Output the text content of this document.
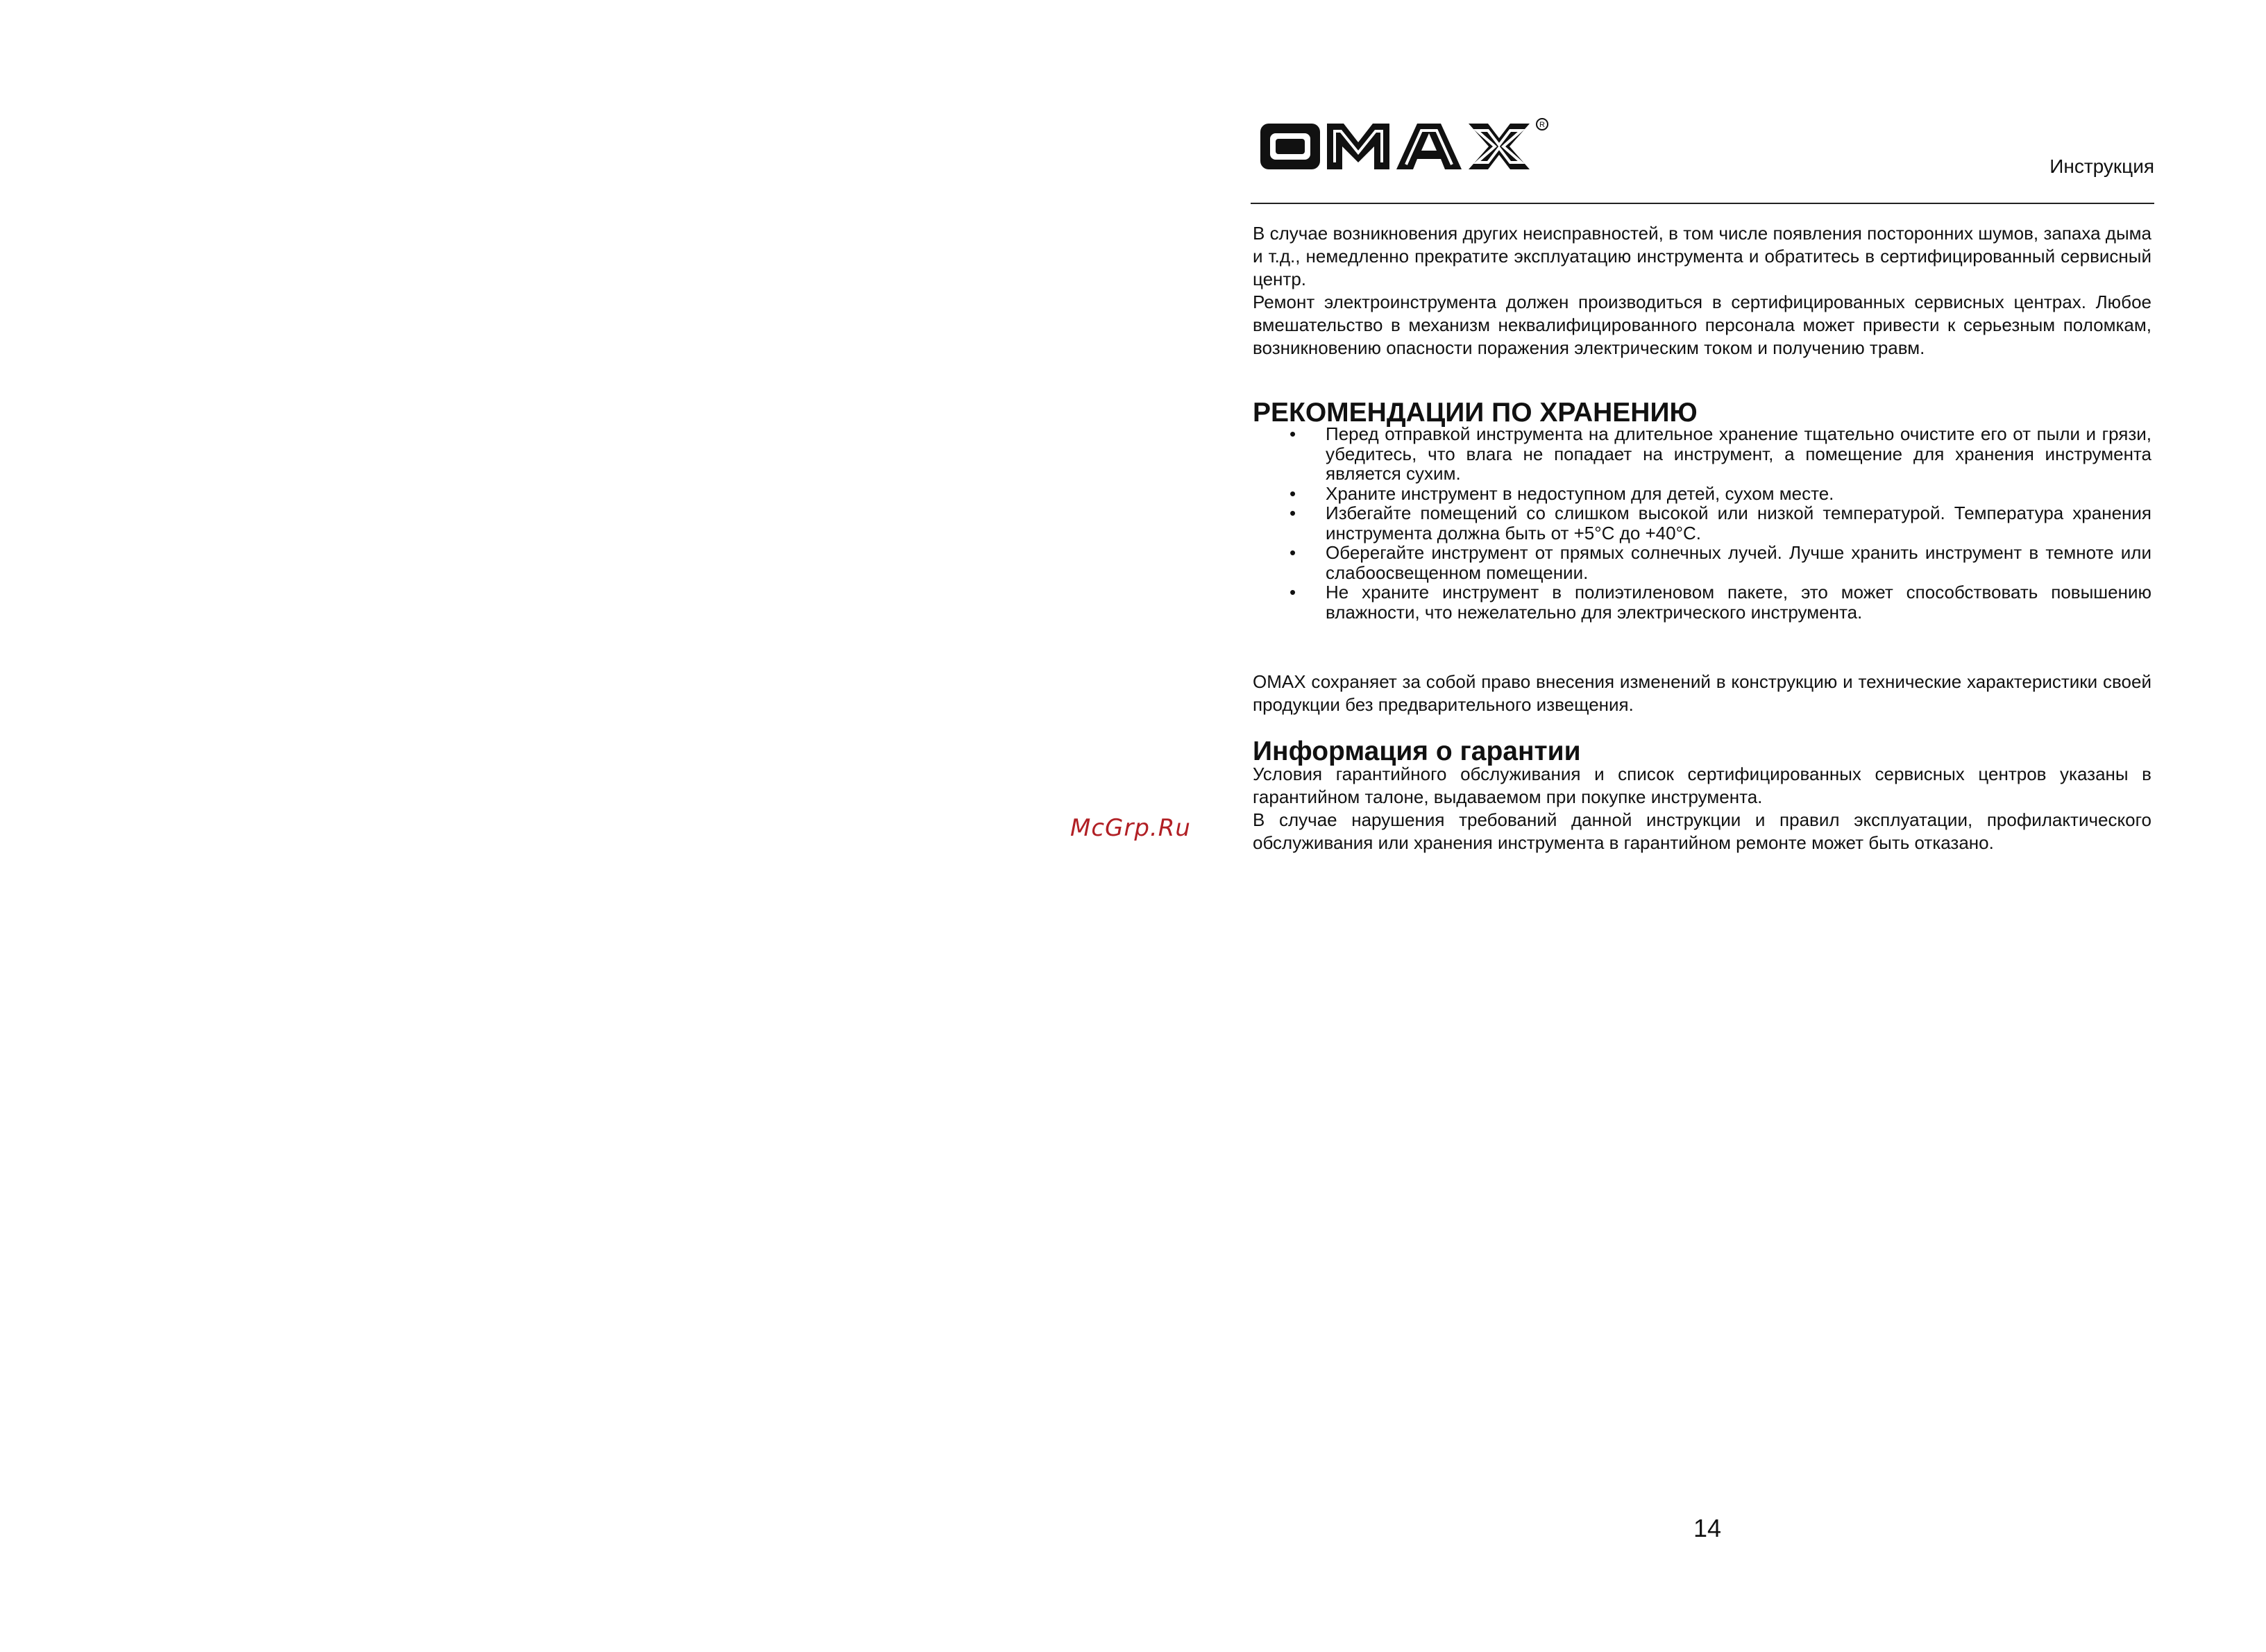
R
Инструкция

В случае возникновения других неисправностей, в том числе появления посторонних шумов, запаха дыма и т.д., немедленно прекратите эксплуатацию инструмента и обратитесь в сертифицированный сервисный центр.

Ремонт электроинструмента должен производиться в сертифицированных сервисных центрах. Любое вмешательство в механизм неквалифицированного персонала может привести к серьезным поломкам, возникновению опасности поражения электрическим током и получению травм.

РЕКОМЕНДАЦИИ ПО ХРАНЕНИЮ
• Перед отправкой инструмента на длительное хранение тщательно очистите его от пыли и грязи, убедитесь, что влага не попадает на инструмент, а помещение для хранения инструмента является сухим.
• Храните инструмент в недоступном для детей, сухом месте.
• Избегайте помещений со слишком высокой или низкой температурой. Температура хранения инструмента должна быть от +5°С до +40°С.
• Оберегайте инструмент от прямых солнечных лучей. Лучше хранить инструмент в темноте или слабоосвещенном помещении.
• Не храните инструмент в полиэтиленовом пакете, это может способствовать повышению влажности, что нежелательно для электрического инструмента.

OMAX сохраняет за собой право внесения изменений в конструкцию и технические характеристики своей продукции без предварительного извещения.

Информация о гарантии

Условия гарантийного обслуживания и список сертифицированных сервисных центров указаны в гарантийном талоне, выдаваемом при покупке инструмента.

В случае нарушения требований данной инструкции и правил эксплуатации, профилактического обслуживания или хранения инструмента в гарантийном ремонте может быть отказано.

McGrp.Ru
14
